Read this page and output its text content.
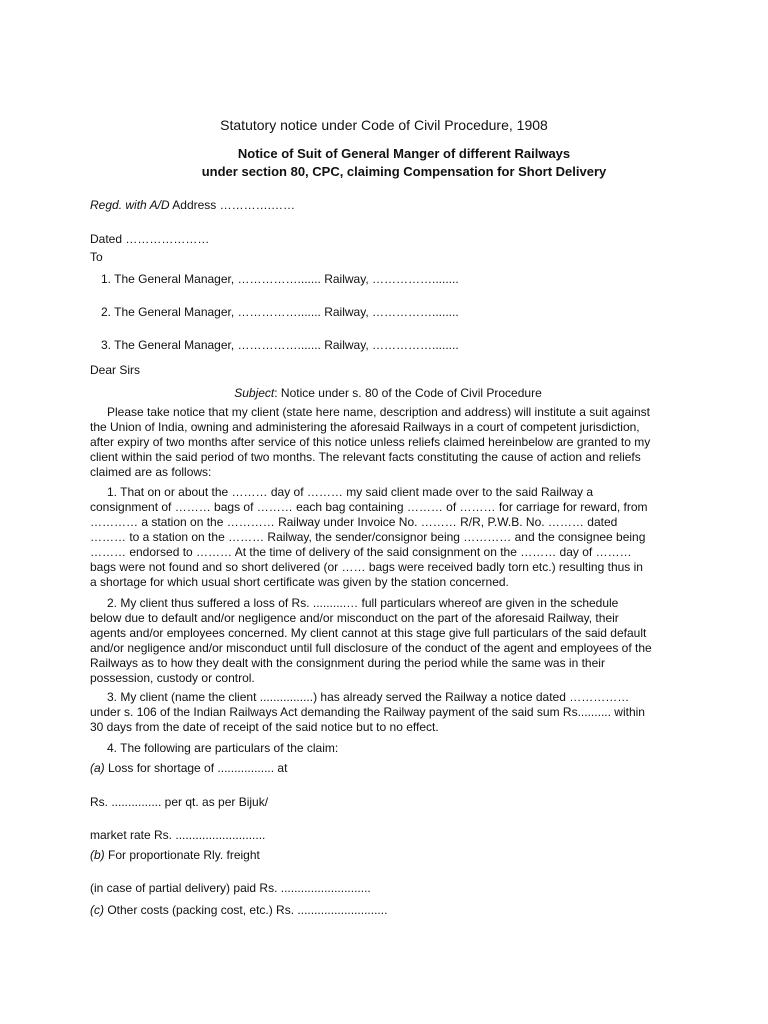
Statutory notice under Code of Civil Procedure, 1908
Notice of Suit of General Manger of different Railways
under section 80, CPC, claiming Compensation for Short Delivery
Regd. with A/D Address ………….……
Dated …………………
To
1. The General Manager, ……………....... Railway, ……………........
2. The General Manager, ……………....... Railway, ……………........
3. The General Manager, ……………....... Railway, ……………........
Dear Sirs
Subject: Notice under s. 80 of the Code of Civil Procedure
Please take notice that my client (state here name, description and address) will institute a suit against
the Union of India, owning and administering the aforesaid Railways in a court of competent jurisdiction,
after expiry of two months after service of this notice unless reliefs claimed hereinbelow are granted to my
client within the said period of two months. The relevant facts constituting the cause of action and reliefs
claimed are as follows:
1. That on or about the ……… day of ……… my said client made over to the said Railway a
consignment of ……… bags of ……… each bag containing ……… of ……… for carriage for reward, from
………… a station on the ………… Railway under Invoice No. ……… R/R, P.W.B. No. ……… dated
……… to a station on the ……… Railway, the sender/consignor being ………… and the consignee being
……… endorsed to ……… At the time of delivery of the said consignment on the ……… day of ………
bags were not found and so short delivered (or …… bags were received badly torn etc.) resulting thus in
a shortage for which usual short certificate was given by the station concerned.
2. My client thus suffered a loss of Rs. ..........… full particulars whereof are given in the schedule
below due to default and/or negligence and/or misconduct on the part of the aforesaid Railway, their
agents and/or employees concerned. My client cannot at this stage give full particulars of the said default
and/or negligence and/or misconduct until full disclosure of the conduct of the agent and employees of the
Railways as to how they dealt with the consignment during the period while the same was in their
possession, custody or control.
3. My client (name the client ................) has already served the Railway a notice dated ……………
under s. 106 of the Indian Railways Act demanding the Railway payment of the said sum Rs.......... within
30 days from the date of receipt of the said notice but to no effect.
4. The following are particulars of the claim:
(a) Loss for shortage of ................. at
Rs. ............... per qt. as per Bijuk/
market rate Rs. ...........................
(b) For proportionate Rly. freight
(in case of partial delivery) paid Rs. ...........................
(c) Other costs (packing cost, etc.) Rs. ...........................
